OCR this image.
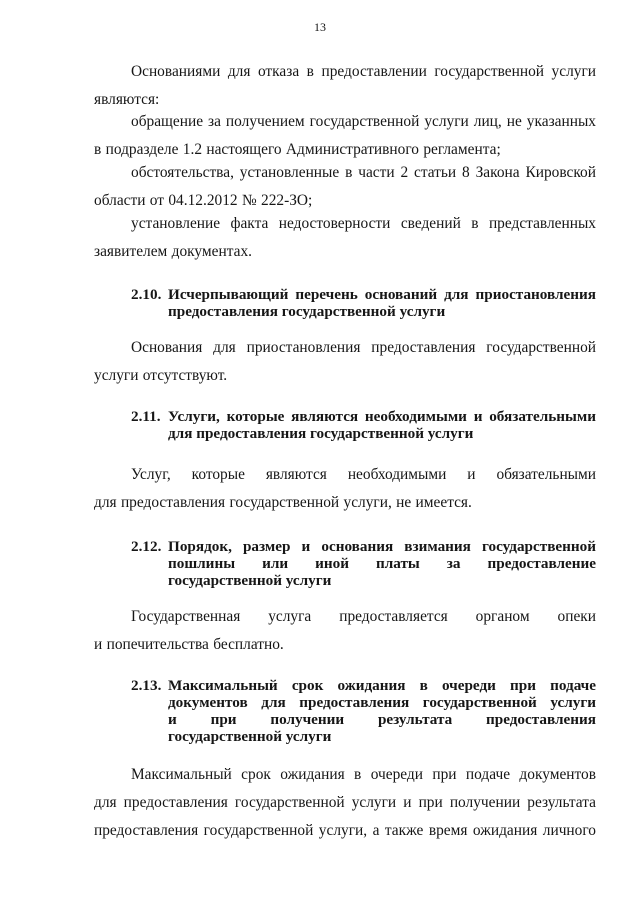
13
Основаниями для отказа в предоставлении государственной услуги
являются:
обращение за получением государственной услуги лиц, не указанных
в подразделе 1.2 настоящего Административного регламента;
обстоятельства, установленные в части 2 статьи 8 Закона Кировской
области от 04.12.2012 № 222-ЗО;
установление факта недостоверности сведений в представленных
заявителем документах.
2.10. Исчерпывающий перечень оснований для приостановления
предоставления государственной услуги
Основания для приостановления предоставления государственной
услуги отсутствуют.
2.11. Услуги, которые являются необходимыми и обязательными
для предоставления государственной услуги
Услуг, которые являются необходимыми и обязательными
для предоставления государственной услуги, не имеется.
2.12. Порядок, размер и основания взимания государственной
пошлины или иной платы за предоставление
государственной услуги
Государственная услуга предоставляется органом опеки
и попечительства бесплатно.
2.13. Максимальный срок ожидания в очереди при подаче
документов для предоставления государственной услуги
и при получении результата предоставления
государственной услуги
Максимальный срок ожидания в очереди при подаче документов
для предоставления государственной услуги и при получении результата
предоставления государственной услуги, а также время ожидания личного
